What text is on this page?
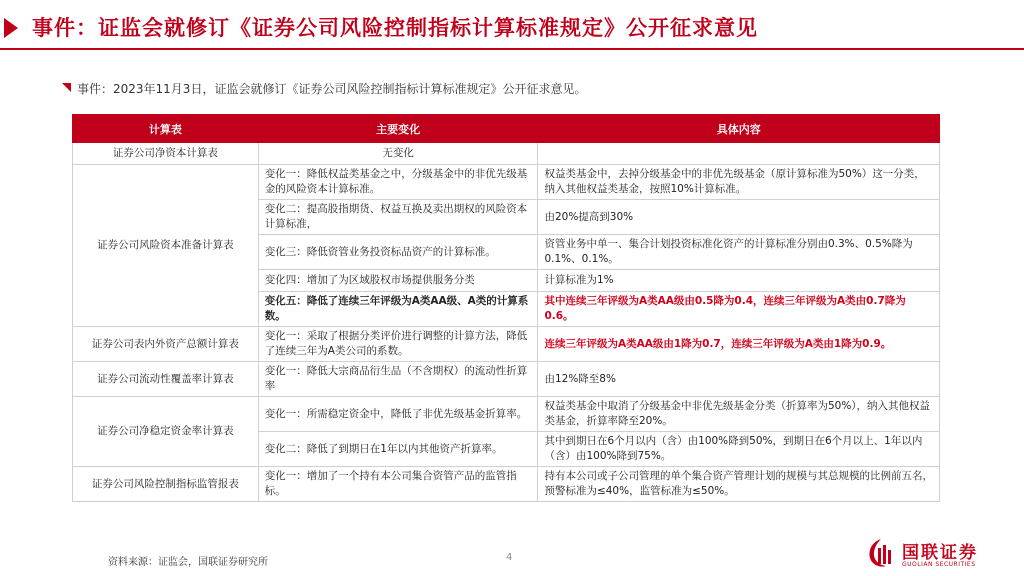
事件：证监会就修订《证券公司风险控制指标计算标准规定》公开征求意见
事件：2023年11月3日，证监会就修订《证券公司风险控制指标计算标准规定》公开征求意见。
计算表	主要变化	具体内容
证券公司净资本计算表	无变化	
证券公司风险资本准备计算表	变化一：降低权益类基金之中，分级基金中的非优先级基金的风险资本计算标准。	权益类基金中，去掉分级基金中的非优先级基金（原计算标准为50%）这一分类，纳入其他权益类基金，按照10%计算标准。
	变化二：提高股指期货、权益互换及卖出期权的风险资本计算标准，	由20%提高到30%
	变化三：降低资管业务投资标品资产的计算标准。	资管业务中单一、集合计划投资标准化资产的计算标准分别由0.3%、0.5%降为0.1%、0.1%。
	变化四：增加了为区域股权市场提供服务分类	计算标准为1%
	变化五：降低了连续三年评级为A类AA级、A类的计算系数。	其中连续三年评级为A类AA级由0.5降为0.4，连续三年评级为A类由0.7降为0.6。
证券公司表内外资产总额计算表	变化一：采取了根据分类评价进行调整的计算方法，降低了连续三年为A类公司的系数。	连续三年评级为A类AA级由1降为0.7，连续三年评级为A类由1降为0.9。
证券公司流动性覆盖率计算表	变化一：降低大宗商品衍生品（不含期权）的流动性折算率	由12%降至8%
证券公司净稳定资金率计算表	变化一：所需稳定资金中，降低了非优先级基金折算率。	权益类基金中取消了分级基金中非优先级基金分类（折算率为50%），纳入其他权益类基金，折算率降至20%。
	变化二：降低了到期日在1年以内其他资产折算率。	其中到期日在6个月以内（含）由100%降到50%，到期日在6个月以上、1年以内（含）由100%降到75%。
证券公司风险控制指标监管报表	变化一：增加了一个持有本公司集合资管产品的监管指标。	持有本公司或子公司管理的单个集合资产管理计划的规模与其总规模的比例前五名，预警标准为≤40%，监管标准为≤50%。
资料来源：证监会，国联证券研究所	4	国联证券
GUOLIAN SECURITIES
